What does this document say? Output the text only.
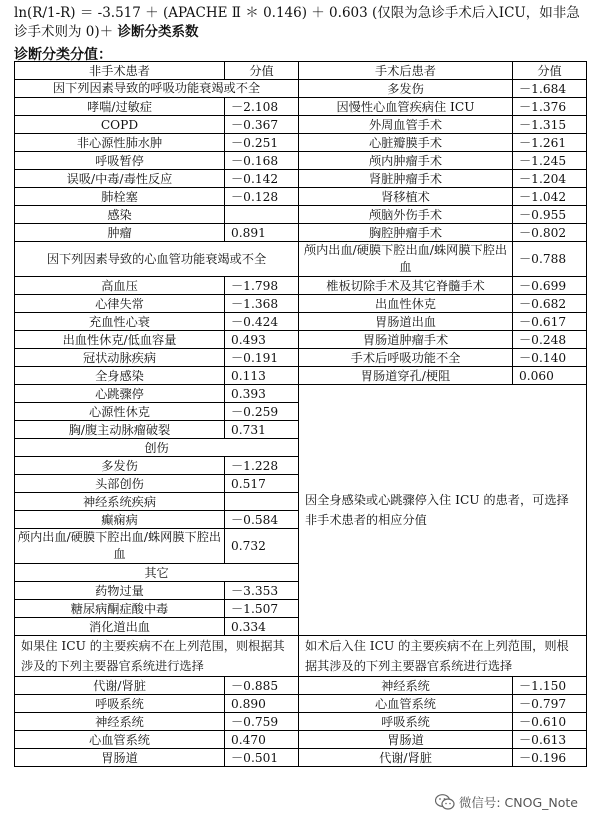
ln(R/1-R) ＝ -3.517 ＋ (APACHE Ⅱ ＊ 0.146) ＋ 0.603 (仅限为急诊手术后入ICU，如非急诊手术则为 0)＋ 诊断分类系数
诊断分类分值：
非手术患者	分值	手术后患者	分值
因下列因素导致的呼吸功能衰竭或不全		多发伤	－1.684
哮喘/过敏症	－2.108	因慢性心血管疾病住 ICU	－1.376
COPD	－0.367	外周血管手术	－1.315
非心源性肺水肿	－0.251	心脏瓣膜手术	－1.261
呼吸暂停	－0.168	颅内肿瘤手术	－1.245
误吸/中毒/毒性反应	－0.142	肾脏肿瘤手术	－1.204
肺栓塞	－0.128	肾移植术	－1.042
感染		颅脑外伤手术	－0.955
肿瘤	0.891	胸腔肿瘤手术	－0.802
因下列因素导致的心血管功能衰竭或不全		颅内出血/硬膜下腔出血/蛛网膜下腔出血	－0.788
高血压	－1.798	椎板切除手术及其它脊髓手术	－0.699
心律失常	－1.368	出血性休克	－0.682
充血性心衰	－0.424	胃肠道出血	－0.617
出血性休克/低血容量	0.493	胃肠道肿瘤手术	－0.248
冠状动脉疾病	－0.191	手术后呼吸功能不全	－0.140
全身感染	0.113	胃肠道穿孔/梗阻	0.060
心跳骤停	0.393	因全身感染或心跳骤停入住 ICU 的患者，可选择非手术患者的相应分值	
心源性休克	－0.259		
胸/腹主动脉瘤破裂	0.731		
创伤			
多发伤	－1.228		
头部创伤	0.517		
神经系统疾病			
癫痫病	－0.584		
颅内出血/硬膜下腔出血/蛛网膜下腔出血	0.732		
其它			
药物过量	－3.353		
糖尿病酮症酸中毒	－1.507		
消化道出血	0.334		
如果住 ICU 的主要疾病不在上列范围，则根据其涉及的下列主要器官系统进行选择		如术后入住 ICU 的主要疾病不在上列范围，则根据其涉及的下列主要器官系统进行选择	
代谢/肾脏	－0.885	神经系统	－1.150
呼吸系统	0.890	心血管系统	－0.797
神经系统	－0.759	呼吸系统	－0.610
心血管系统	0.470	胃肠道	－0.613
胃肠道	－0.501	代谢/肾脏	－0.196
微信号: CNOG_Note
